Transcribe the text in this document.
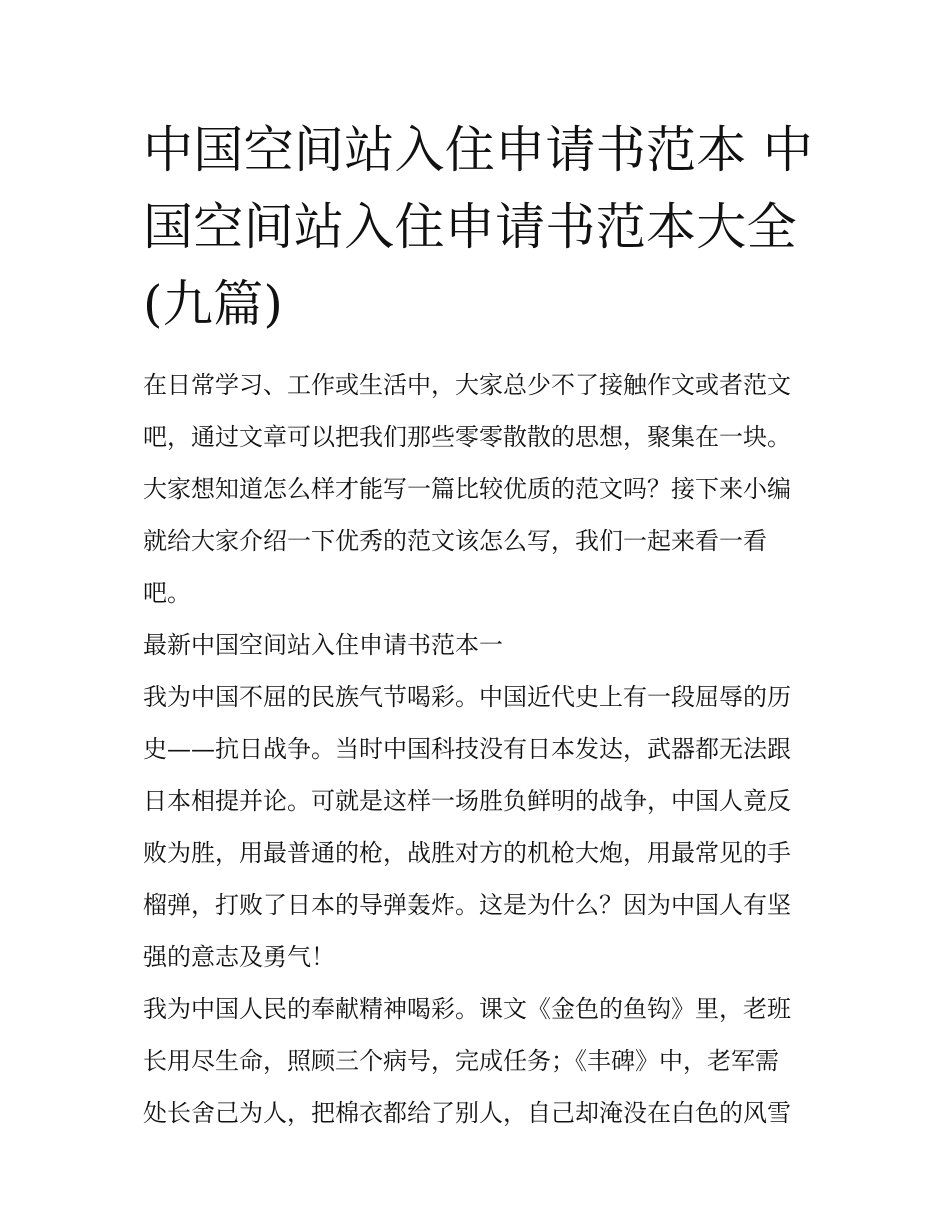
中国空间站入住申请书范本 中
国空间站入住申请书范本大全
(九篇)

在日常学习、工作或生活中，大家总少不了接触作文或者范文
吧，通过文章可以把我们那些零零散散的思想，聚集在一块。
大家想知道怎么样才能写一篇比较优质的范文吗？接下来小编
就给大家介绍一下优秀的范文该怎么写，我们一起来看一看
吧。

最新中国空间站入住申请书范本一

我为中国不屈的民族气节喝彩。中国近代史上有一段屈辱的历
史——抗日战争。当时中国科技没有日本发达，武器都无法跟
日本相提并论。可就是这样一场胜负鲜明的战争，中国人竟反
败为胜，用最普通的枪，战胜对方的机枪大炮，用最常见的手
榴弹，打败了日本的导弹轰炸。这是为什么？因为中国人有坚
强的意志及勇气！

我为中国人民的奉献精神喝彩。课文《金色的鱼钩》里，老班
长用尽生命，照顾三个病号，完成任务；《丰碑》中，老军需
处长舍己为人，把棉衣都给了别人，自己却淹没在白色的风雪
